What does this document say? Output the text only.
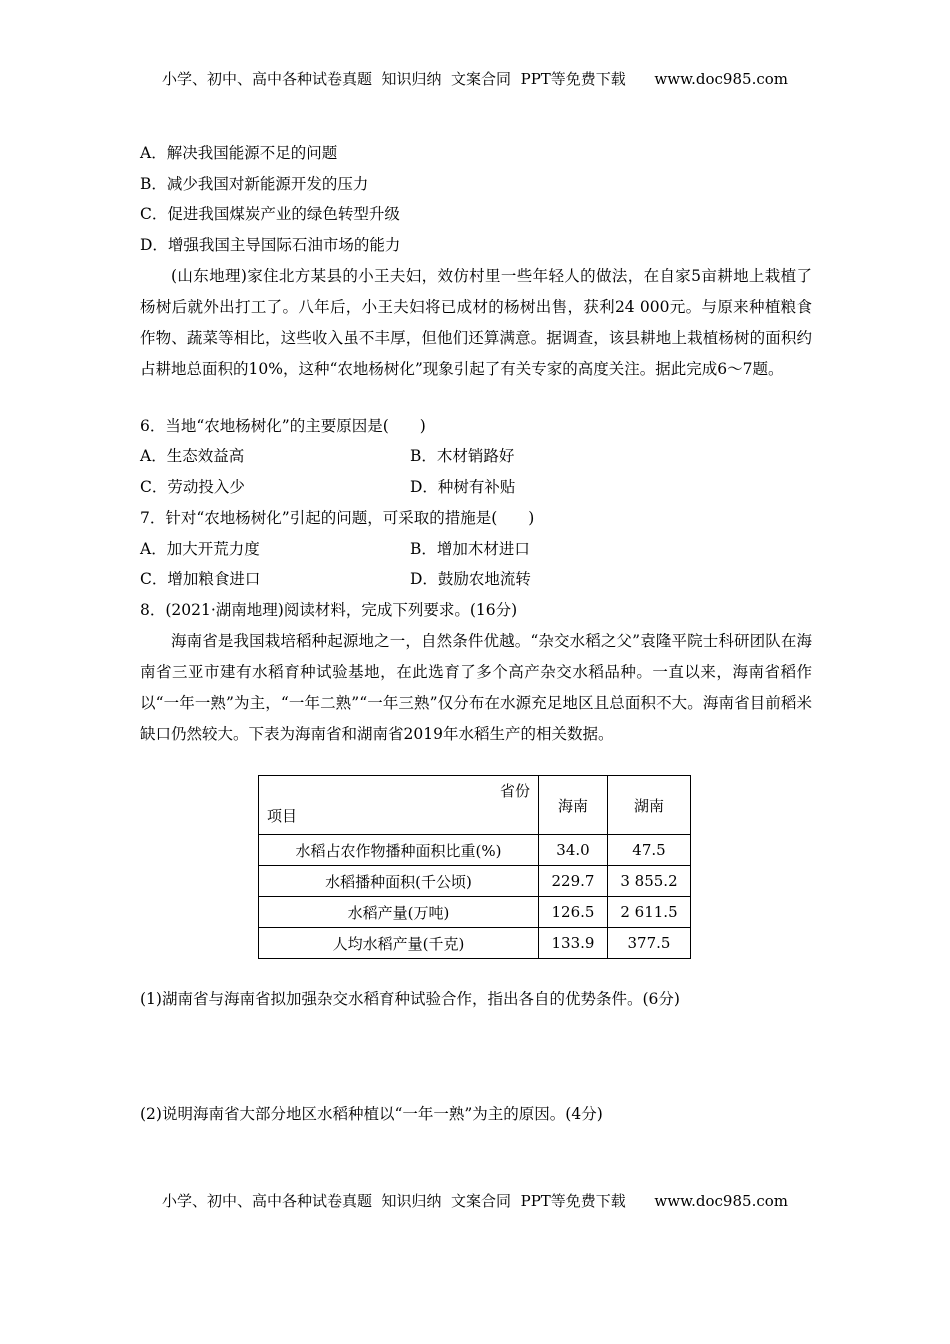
小学、初中、高中各种试卷真题  知识归纳  文案合同  PPT等免费下载      www.doc985.com
A．解决我国能源不足的问题
B．减少我国对新能源开发的压力
C．促进我国煤炭产业的绿色转型升级
D．增强我国主导国际石油市场的能力
(山东地理)家住北方某县的小王夫妇，效仿村里一些年轻人的做法，在自家5亩耕地上栽植了杨树后就外出打工了。八年后，小王夫妇将已成材的杨树出售，获利24 000元。与原来种植粮食作物、蔬菜等相比，这些收入虽不丰厚，但他们还算满意。据调查，该县耕地上栽植杨树的面积约占耕地总面积的10%，这种“农地杨树化”现象引起了有关专家的高度关注。据此完成6～7题。
6．当地“农地杨树化”的主要原因是(　　)
A．生态效益高	B．木材销路好
C．劳动投入少	D．种树有补贴
7．针对“农地杨树化”引起的问题，可采取的措施是(　　)
A．加大开荒力度	B．增加木材进口
C．增加粮食进口	D．鼓励农地流转
8．(2021·湖南地理)阅读材料，完成下列要求。(16分)
海南省是我国栽培稻种起源地之一，自然条件优越。“杂交水稻之父”袁隆平院士科研团队在海南省三亚市建有水稻育种试验基地，在此选育了多个高产杂交水稻品种。一直以来，海南省稻作以“一年一熟”为主，“一年二熟”“一年三熟”仅分布在水源充足地区且总面积不大。海南省目前稻米缺口仍然较大。下表为海南省和湖南省2019年水稻生产的相关数据。
省份
项目	海南	湖南
水稻占农作物播种面积比重(%)	34.0	47.5
水稻播种面积(千公顷)	229.7	3 855.2
水稻产量(万吨)	126.5	2 611.5
人均水稻产量(千克)	133.9	377.5
(1)湖南省与海南省拟加强杂交水稻育种试验合作，指出各自的优势条件。(6分)
(2)说明海南省大部分地区水稻种植以“一年一熟”为主的原因。(4分)
小学、初中、高中各种试卷真题  知识归纳  文案合同  PPT等免费下载      www.doc985.com
